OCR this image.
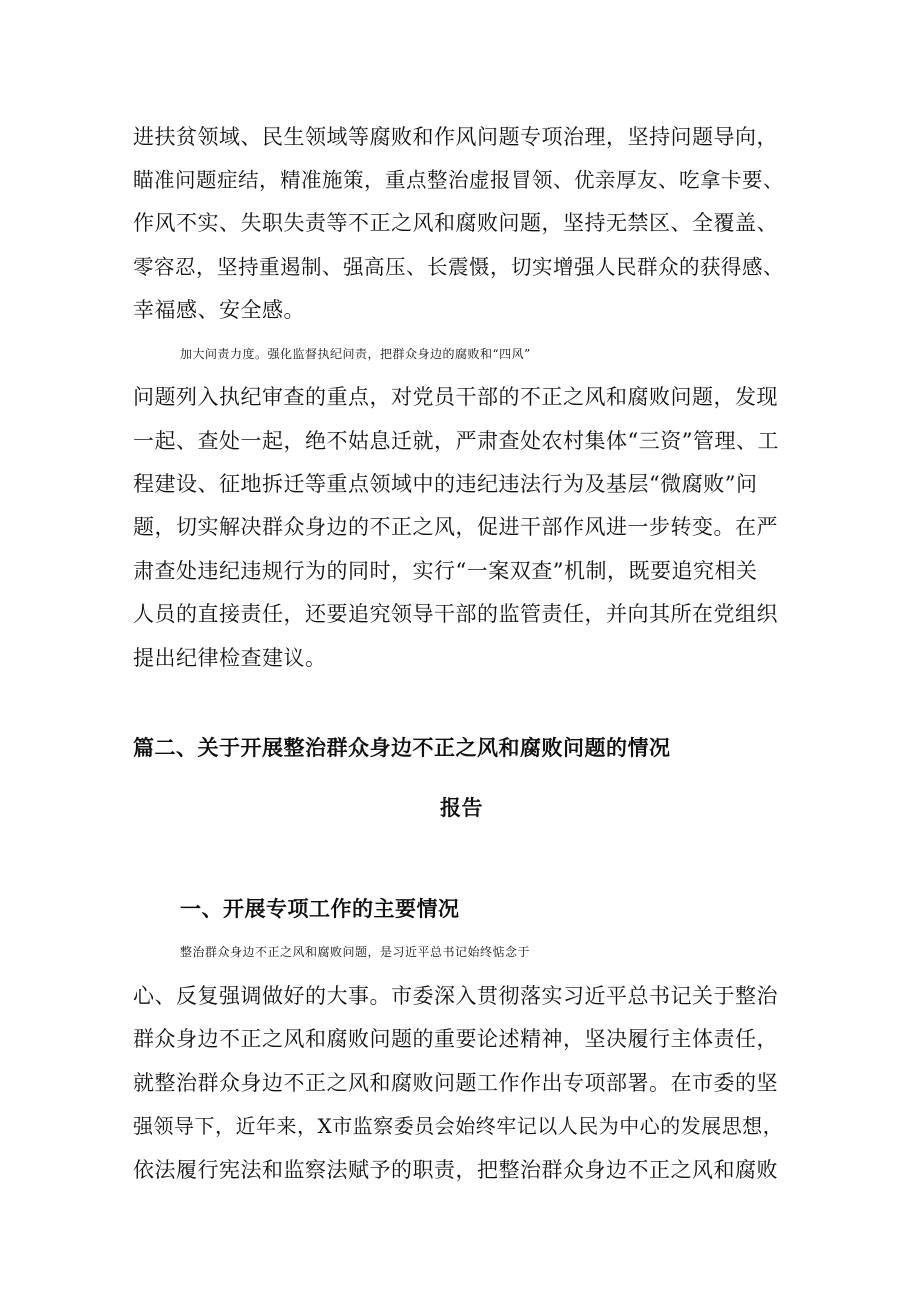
进扶贫领域、民生领域等腐败和作风问题专项治理，坚持问题导向，
瞄准问题症结，精准施策，重点整治虚报冒领、优亲厚友、吃拿卡要、
作风不实、失职失责等不正之风和腐败问题，坚持无禁区、全覆盖、
零容忍，坚持重遏制、强高压、长震慑，切实增强人民群众的获得感、
幸福感、安全感。
加大问责力度。强化监督执纪问责，把群众身边的腐败和“四风”
问题列入执纪审查的重点，对党员干部的不正之风和腐败问题，发现
一起、查处一起，绝不姑息迁就，严肃查处农村集体“三资”管理、工
程建设、征地拆迁等重点领域中的违纪违法行为及基层“微腐败”问
题，切实解决群众身边的不正之风，促进干部作风进一步转变。在严
肃查处违纪违规行为的同时，实行“一案双查”机制，既要追究相关
人员的直接责任，还要追究领导干部的监管责任，并向其所在党组织
提出纪律检查建议。
篇二、关于开展整治群众身边不正之风和腐败问题的情况
报告
一、开展专项工作的主要情况
整治群众身边不正之风和腐败问题，是习近平总书记始终惦念于
心、反复强调做好的大事。市委深入贯彻落实习近平总书记关于整治
群众身边不正之风和腐败问题的重要论述精神，坚决履行主体责任，
就整治群众身边不正之风和腐败问题工作作出专项部署。在市委的坚
强领导下，近年来，X市监察委员会始终牢记以人民为中心的发展思想，
依法履行宪法和监察法赋予的职责，把整治群众身边不正之风和腐败
